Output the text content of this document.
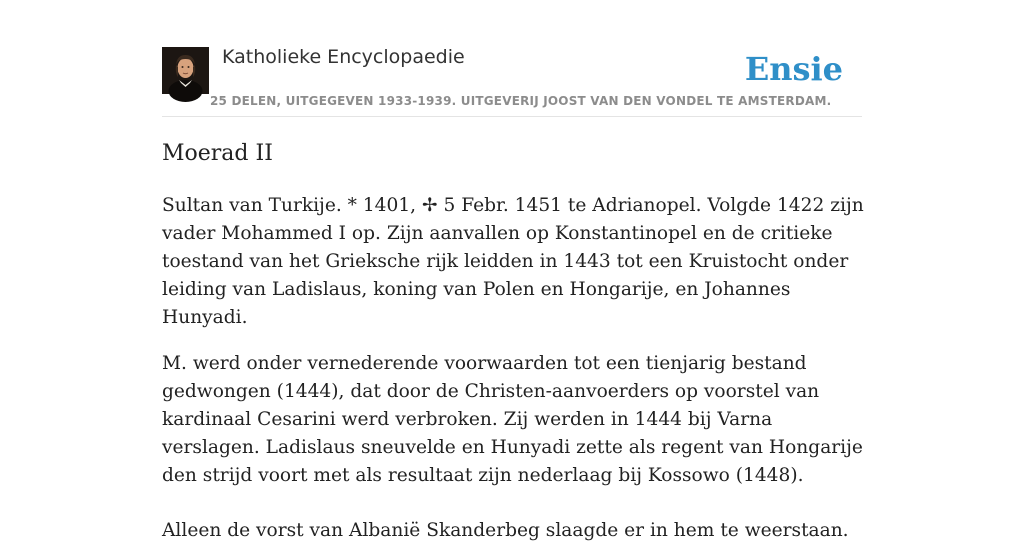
Katholieke Encyclopaedie
25 DELEN, UITGEGEVEN 1933-1939. UITGEVERIJ JOOST VAN DEN VONDEL TE AMSTERDAM.
Ensie
Moerad II

Sultan van Turkije. * 1401, ✢ 5 Febr. 1451 te Adrianopel. Volgde 1422 zijn vader Mohammed I op. Zijn aanvallen op Konstantinopel en de critieke toestand van het Grieksche rijk leidden in 1443 tot een Kruistocht onder leiding van Ladislaus, koning van Polen en Hongarije, en Johannes Hunyadi.

M. werd onder vernederende voorwaarden tot een tienjarig bestand gedwongen (1444), dat door de Christen-aanvoerders op voorstel van kardinaal Cesarini werd verbroken. Zij werden in 1444 bij Varna verslagen. Ladislaus sneuvelde en Hunyadi zette als regent van Hongarije den strijd voort met als resultaat zijn nederlaag bij Kossowo (1448).

Alleen de vorst van Albanië Skanderbeg slaagde er in hem te weerstaan.
